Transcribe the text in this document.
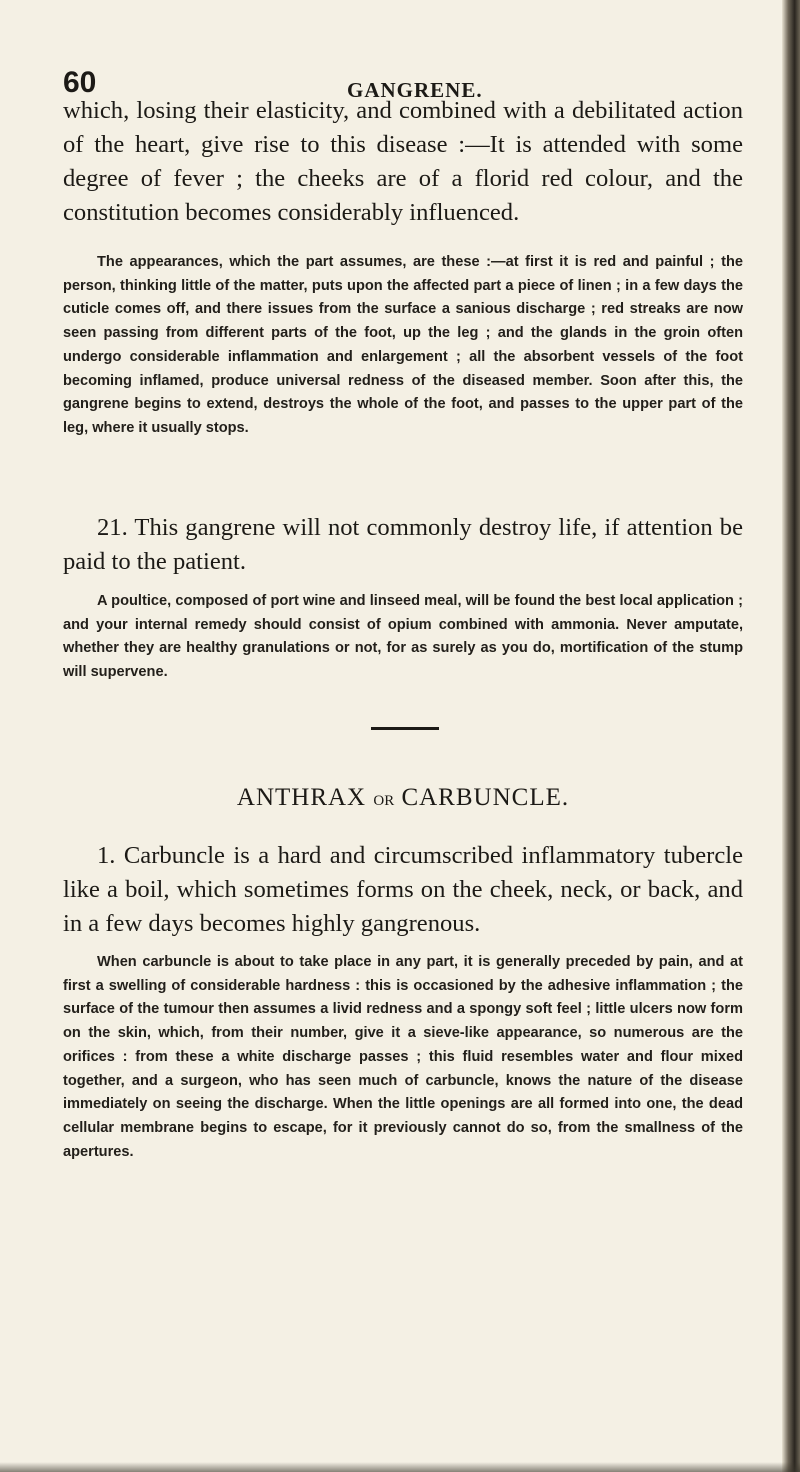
60	GANGRENE.

which, losing their elasticity, and combined with a debilitated action of the heart, give rise to this disease :—It is attended with some degree of fever ; the cheeks are of a florid red colour, and the constitution becomes considerably influenced.

The appearances, which the part assumes, are these :—at first it is red and painful ; the person, thinking little of the matter, puts upon the affected part a piece of linen ; in a few days the cuticle comes off, and there issues from the surface a sanious discharge ; red streaks are now seen passing from different parts of the foot, up the leg ; and the glands in the groin often undergo considerable inflammation and enlargement ; all the absorbent vessels of the foot becoming inflamed, produce universal redness of the diseased member. Soon after this, the gangrene begins to extend, destroys the whole of the foot, and passes to the upper part of the leg, where it usually stops.

21. This gangrene will not commonly destroy life, if attention be paid to the patient.

A poultice, composed of port wine and linseed meal, will be found the best local application ; and your internal remedy should consist of opium combined with ammonia. Never amputate, whether they are healthy granulations or not, for as surely as you do, mortification of the stump will supervene.

ANTHRAX OR CARBUNCLE.

1. Carbuncle is a hard and circumscribed inflammatory tubercle like a boil, which sometimes forms on the cheek, neck, or back, and in a few days becomes highly gangrenous.

When carbuncle is about to take place in any part, it is generally preceded by pain, and at first a swelling of considerable hardness : this is occasioned by the adhesive inflammation ; the surface of the tumour then assumes a livid redness and a spongy soft feel ; little ulcers now form on the skin, which, from their number, give it a sieve-like appearance, so numerous are the orifices : from these a white discharge passes ; this fluid resembles water and flour mixed together, and a surgeon, who has seen much of carbuncle, knows the nature of the disease immediately on seeing the discharge. When the little openings are all formed into one, the dead cellular membrane begins to escape, for it previously cannot do so, from the smallness of the apertures.
